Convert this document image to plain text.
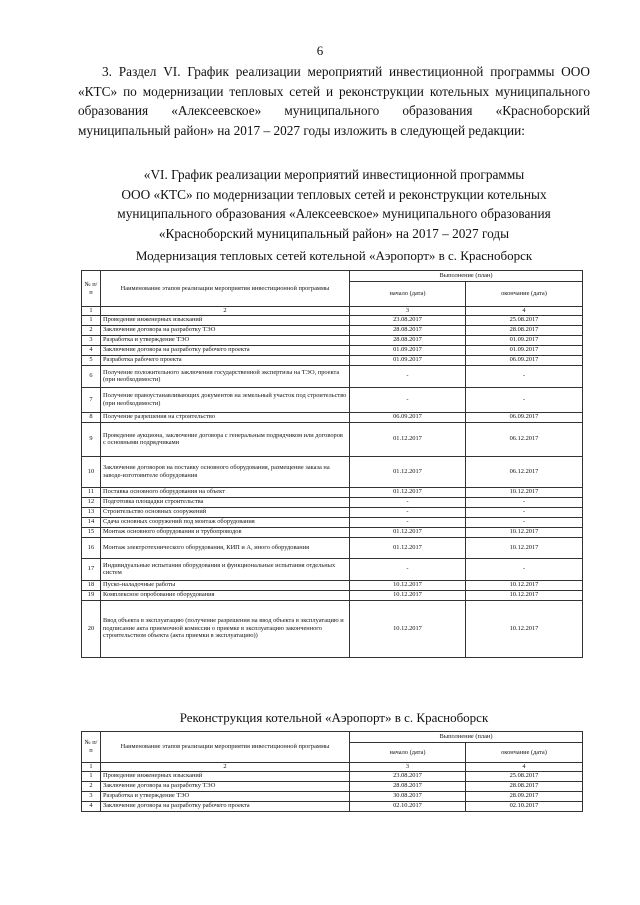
6

3. Раздел VI. График реализации мероприятий инвестиционной программы ООО «КТС» по модернизации тепловых сетей и реконструкции котельных муниципального образования «Алексеевское» муниципального образования «Красноборский муниципальный район» на 2017 – 2027 годы изложить в следующей редакции:

«VI. График реализации мероприятий инвестиционной программы
ООО «КТС» по модернизации тепловых сетей и реконструкции котельных
муниципального образования «Алексеевское» муниципального образования
«Красноборский муниципальный район» на 2017 – 2027 годы
Модернизация тепловых сетей котельной «Аэропорт» в с. Красноборск
№ п/п	Наименование этапов реализации мероприятия инвестиционной программы	Выполнение (план)	
		начало (дата)	окончание (дата)
1	2	3	4
1	Проведение инженерных изысканий	23.08.2017	25.08.2017
2	Заключение договора на разработку ТЭО	28.08.2017	28.08.2017
3	Разработка и утверждение ТЭО	28.08.2017	01.09.2017
4	Заключение договора на разработку рабочего проекта	01.09.2017	01.09.2017
5	Разработка рабочего проекта	01.09.2017	06.09.2017
6	Получение положительного заключения государственной экспертизы на ТЭО, проекта (при необходимости)	-	-
7	Получение правоустанавливающих документов на земельный участок под строительство (при необходимости)	-	-
8	Получение разрешения на строительство	06.09.2017	06.09.2017
9	Проведение аукциона, заключение договора с генеральным подрядчиком или договоров с основными подрядчиками	01.12.2017	06.12.2017
10	Заключение договоров на поставку основного оборудования, размещение заказа на заводе-изготовителе оборудования	01.12.2017	06.12.2017
11	Поставка основного оборудования на объект	01.12.2017	10.12.2017
12	Подготовка площадки строительства	-	-
13	Строительство основных сооружений	-	-
14	Сдача основных сооружений под монтаж оборудования	-	-
15	Монтаж основного оборудования и трубопроводов	01.12.2017	10.12.2017
16	Монтаж электротехнического оборудования, КИП и А, иного оборудования	01.12.2017	10.12.2017
17	Индивидуальные испытания оборудования и функциональные испытания отдельных систем	-	-
18	Пуско-наладочные работы	10.12.2017	10.12.2017
19	Комплексное опробование оборудования	10.12.2017	10.12.2017
20	Ввод объекта в эксплуатацию (получение разрешения на ввод объекта в эксплуатацию и подписание акта приемочной комиссии о приемке в эксплуатацию законченного строительством объекта (акта приемки в эксплуатацию))	10.12.2017	10.12.2017
Реконструкция котельной «Аэропорт» в с. Красноборск
№ п/п	Наименование этапов реализации мероприятия инвестиционной программы	Выполнение (план)	
		начало (дата)	окончание (дата)
1	2	3	4
1	Проведение инженерных изысканий	23.08.2017	25.08.2017
2	Заключение договора на разработку ТЭО	28.08.2017	28.08.2017
3	Разработка и утверждение ТЭО	30.08.2017	28.09.2017
4	Заключение договора на разработку рабочего проекта	02.10.2017	02.10.2017
